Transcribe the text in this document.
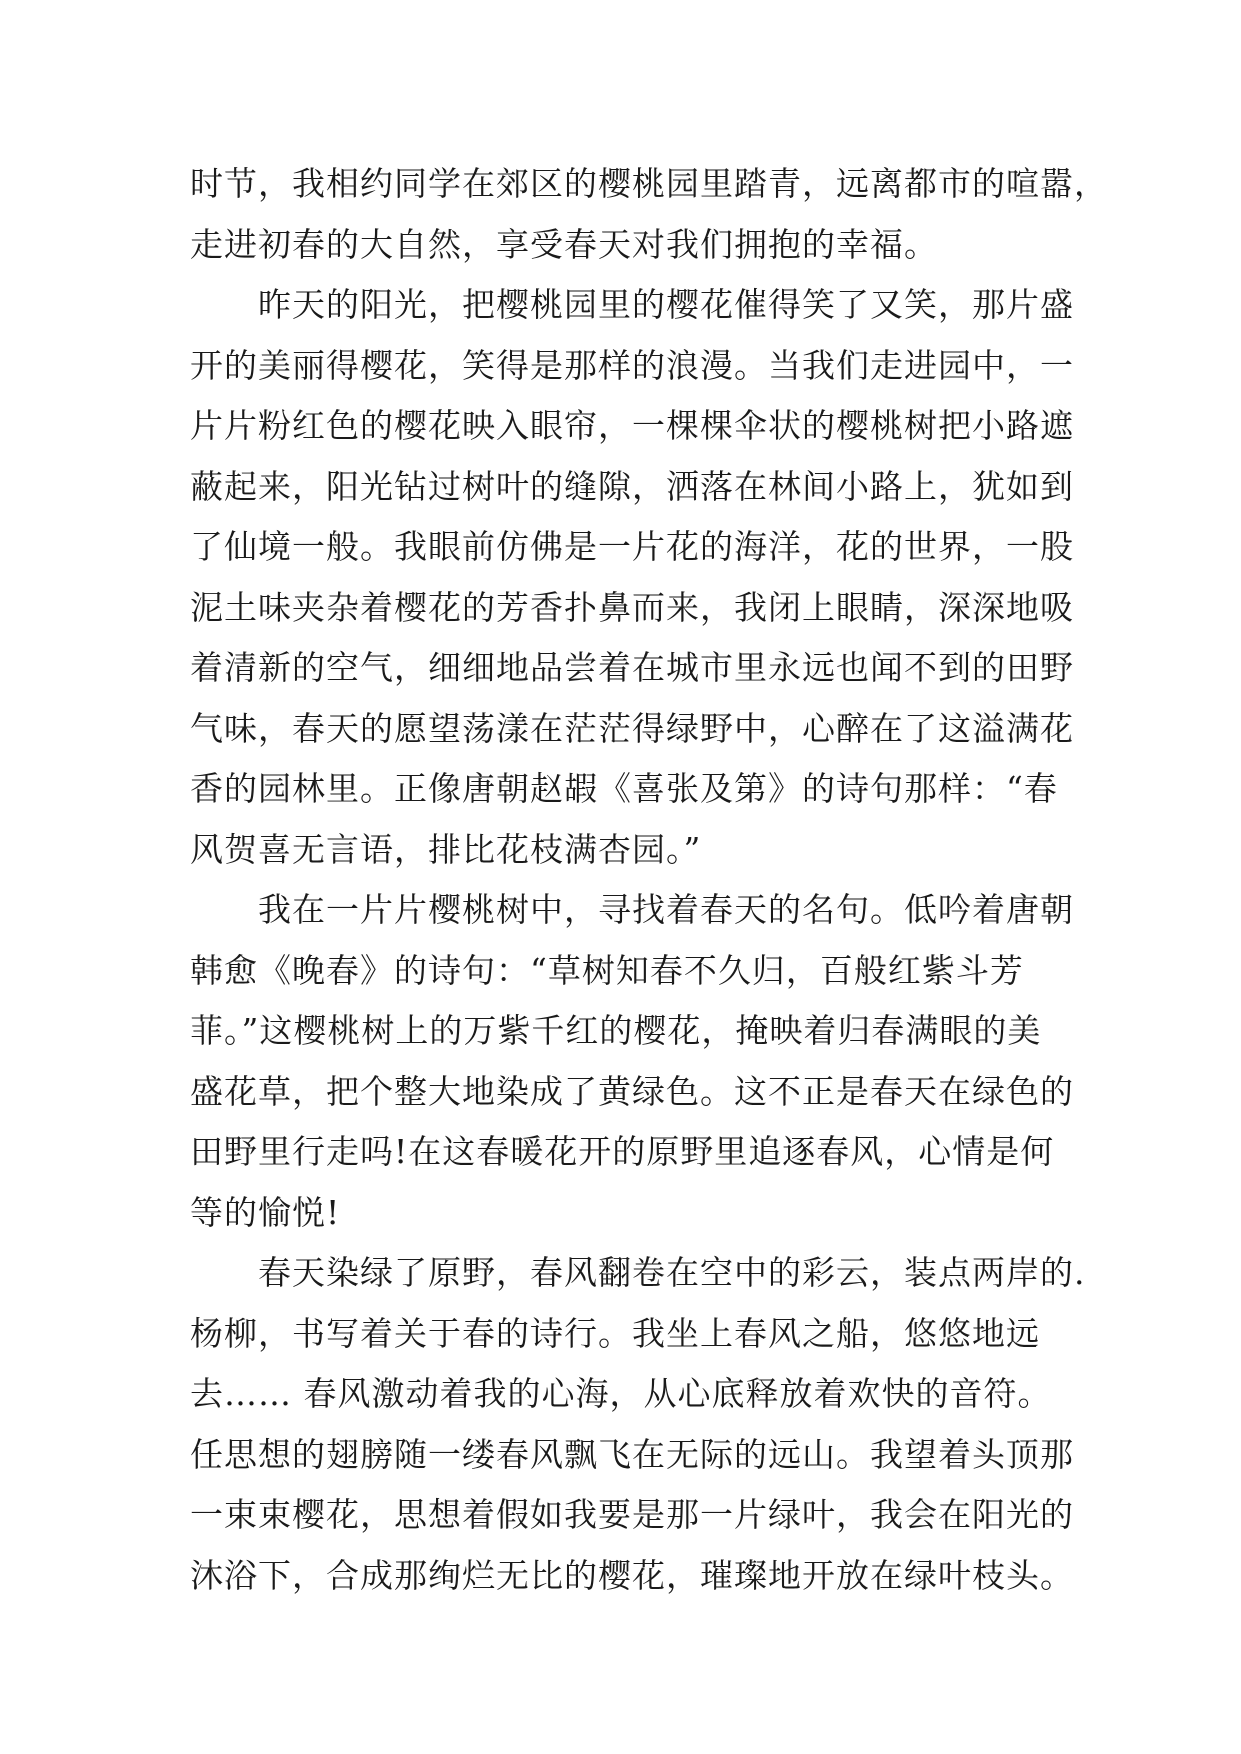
时节，我相约同学在郊区的樱桃园里踏青，远离都市的喧嚣，
走进初春的大自然，享受春天对我们拥抱的幸福。
昨天的阳光，把樱桃园里的樱花催得笑了又笑，那片盛
开的美丽得樱花，笑得是那样的浪漫。当我们走进园中，一
片片粉红色的樱花映入眼帘，一棵棵伞状的樱桃树把小路遮
蔽起来，阳光钻过树叶的缝隙，洒落在林间小路上，犹如到
了仙境一般。我眼前仿佛是一片花的海洋，花的世界，一股
泥土味夹杂着樱花的芳香扑鼻而来，我闭上眼睛，深深地吸
着清新的空气，细细地品尝着在城市里永远也闻不到的田野
气味，春天的愿望荡漾在茫茫得绿野中，心醉在了这溢满花
香的园林里。正像唐朝赵嘏《喜张及第》的诗句那样：“春
风贺喜无言语，排比花枝满杏园。”
我在一片片樱桃树中，寻找着春天的名句。低吟着唐朝
韩愈《晚春》的诗句：“草树知春不久归，百般红紫斗芳
菲。”这樱桃树上的万紫千红的樱花，掩映着归春满眼的美
盛花草，把个整大地染成了黄绿色。这不正是春天在绿色的
田野里行走吗!在这春暖花开的原野里追逐春风，心情是何
等的愉悦!
春天染绿了原野，春风翻卷在空中的彩云，装点两岸的.
杨柳，书写着关于春的诗行。我坐上春风之船，悠悠地远
去…… 春风激动着我的心海，从心底释放着欢快的音符。
任思想的翅膀随一缕春风飘飞在无际的远山。我望着头顶那
一束束樱花，思想着假如我要是那一片绿叶，我会在阳光的
沐浴下，合成那绚烂无比的樱花，璀璨地开放在绿叶枝头。
